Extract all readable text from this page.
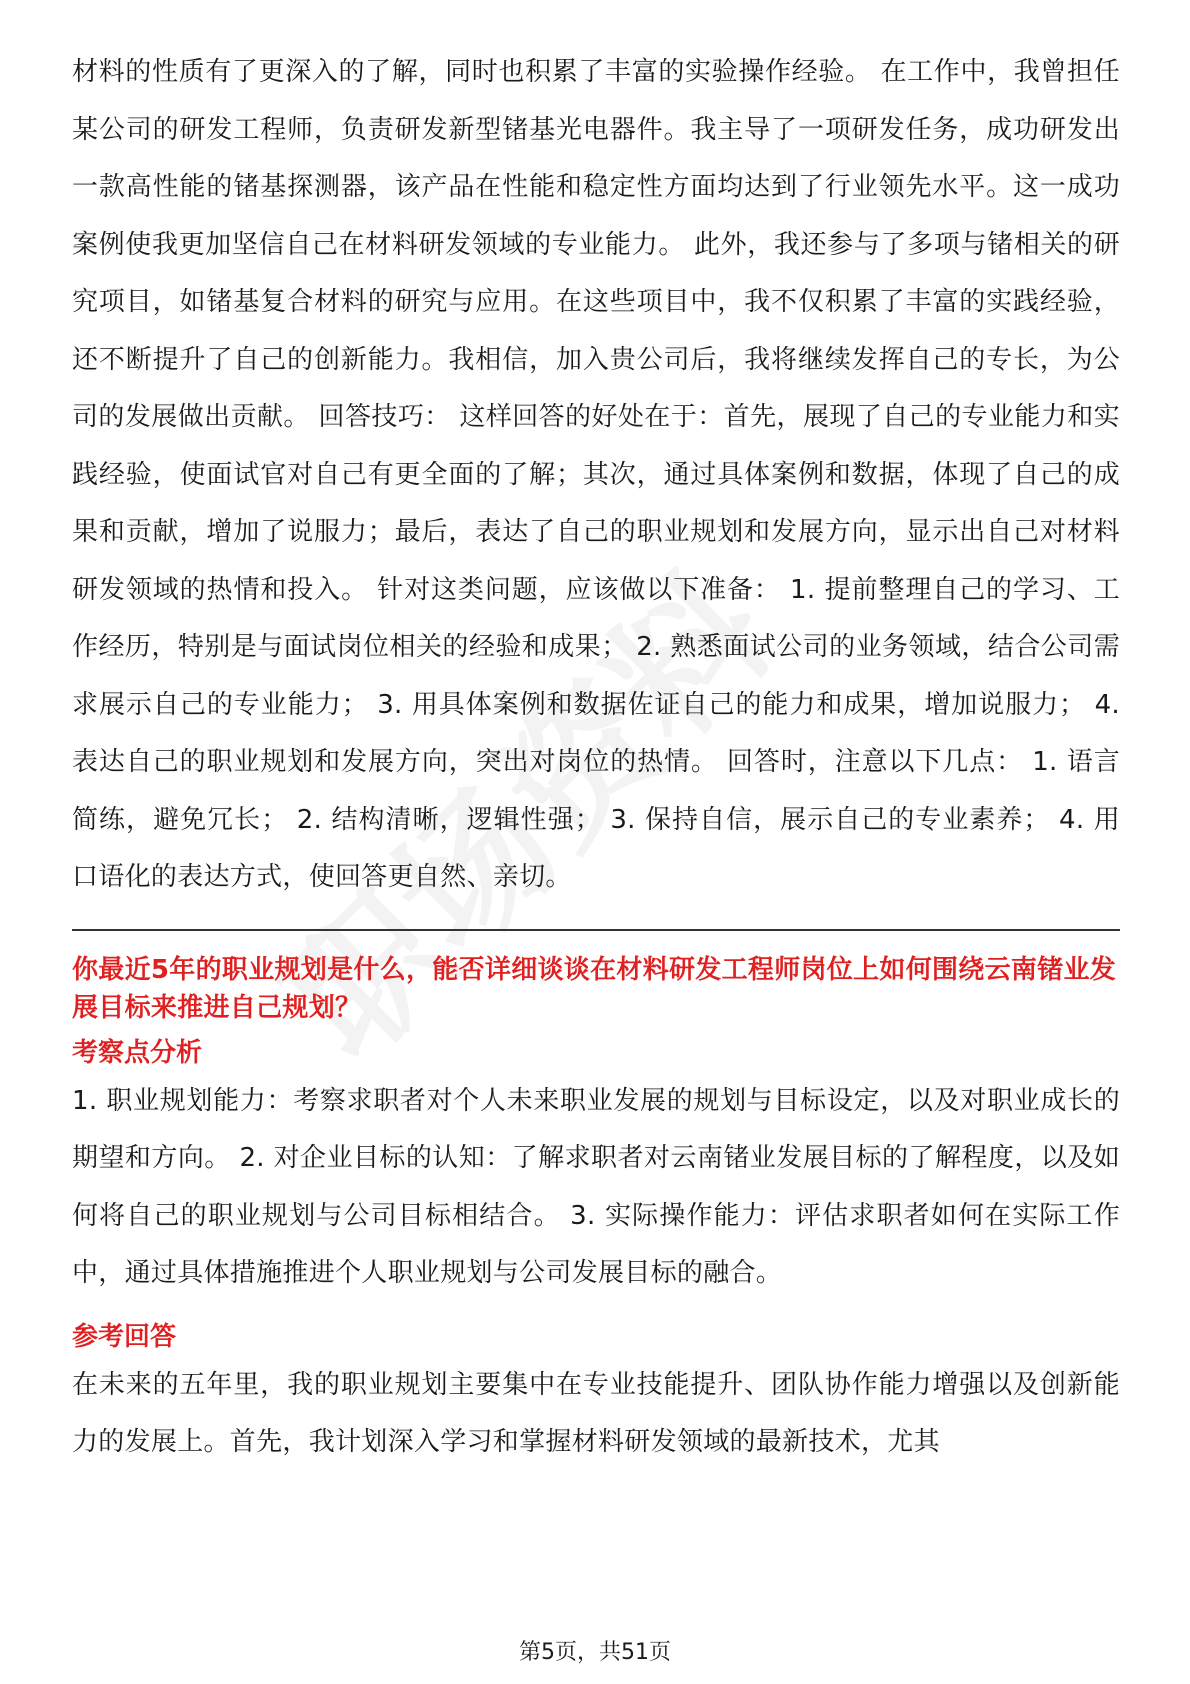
材料的性质有了更深入的了解，同时也积累了丰富的实验操作经验。 在工作中，我曾担任某公司的研发工程师，负责研发新型锗基光电器件。我主导了一项研发任务，成功研发出一款高性能的锗基探测器，该产品在性能和稳定性方面均达到了行业领先水平。这一成功案例使我更加坚信自己在材料研发领域的专业能力。 此外，我还参与了多项与锗相关的研究项目，如锗基复合材料的研究与应用。在这些项目中，我不仅积累了丰富的实践经验，还不断提升了自己的创新能力。我相信，加入贵公司后，我将继续发挥自己的专长，为公司的发展做出贡献。 回答技巧： 这样回答的好处在于：首先，展现了自己的专业能力和实践经验，使面试官对自己有更全面的了解；其次，通过具体案例和数据，体现了自己的成果和贡献，增加了说服力；最后，表达了自己的职业规划和发展方向，显示出自己对材料研发领域的热情和投入。 针对这类问题，应该做以下准备： 1. 提前整理自己的学习、工作经历，特别是与面试岗位相关的经验和成果； 2. 熟悉面试公司的业务领域，结合公司需求展示自己的专业能力； 3. 用具体案例和数据佐证自己的能力和成果，增加说服力； 4. 表达自己的职业规划和发展方向，突出对岗位的热情。 回答时，注意以下几点： 1. 语言简练，避免冗长； 2. 结构清晰，逻辑性强； 3. 保持自信，展示自己的专业素养； 4. 用口语化的表达方式，使回答更自然、亲切。

你最近5年的职业规划是什么，能否详细谈谈在材料研发工程师岗位上如何围绕云南锗业发展目标来推进自己规划？

考察点分析

1. 职业规划能力：考察求职者对个人未来职业发展的规划与目标设定，以及对职业成长的期望和方向。 2. 对企业目标的认知：了解求职者对云南锗业发展目标的了解程度，以及如何将自己的职业规划与公司目标相结合。 3. 实际操作能力：评估求职者如何在实际工作中，通过具体措施推进个人职业规划与公司发展目标的融合。

参考回答

在未来的五年里，我的职业规划主要集中在专业技能提升、团队协作能力增强以及创新能力的发展上。首先，我计划深入学习和掌握材料研发领域的最新技术，尤其

第5页，共51页
